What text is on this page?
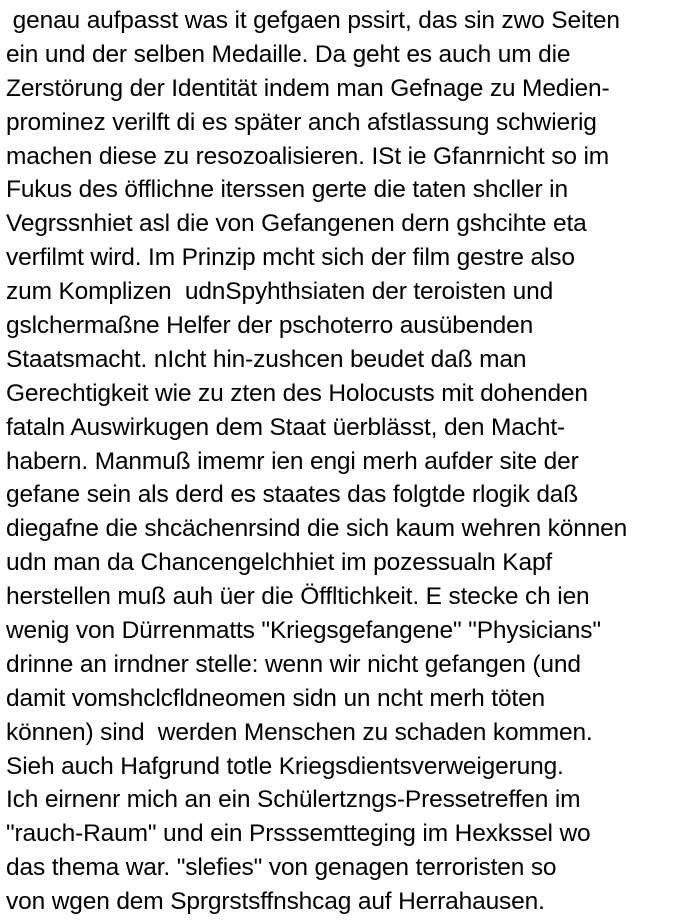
genau aufpasst was it gefgaen pssirt, das sin zwo Seiten
ein und der selben Medaille. Da geht es auch um die
Zerstörung der Identität indem man Gefnage zu Medien-
prominez verilft di es später anch afstlassung schwierig
machen diese zu resozoalisieren. ISt ie Gfanrnicht so im
Fukus des öfflichne iterssen gerte die taten shcller in
Vegrssnhiet asl die von Gefangenen dern gshcihte eta
verfilmt wird. Im Prinzip mcht sich der film gestre also
zum Komplizen  udnSpyhthsiaten der teroisten und
gslchermaßne Helfer der pschoterro ausübenden
Staatsmacht. nIcht hin-zushcen beudet daß man
Gerechtigkeit wie zu zten des Holocusts mit dohenden
fataln Auswirkugen dem Staat üerblässt, den Macht-
habern. Manmuß imemr ien engi merh aufder site der
gefane sein als derd es staates das folgtde rlogik daß
diegafne die shcächenrsind die sich kaum wehren können
udn man da Chancengelchhiet im pozessualn Kapf
herstellen muß auh üer die Öffltichkeit. E stecke ch ien
wenig von Dürrenmatts "Kriegsgefangene" "Physicians"
drinne an irndner stelle: wenn wir nicht gefangen (und
damit vomshclcfldneomen sidn un ncht merh töten
können) sind  werden Menschen zu schaden kommen.
Sieh auch Hafgrund totle Kriegsdientsverweigerung.
Ich eirnenr mich an ein Schülertzngs-Pressetreffen im
"rauch-Raum" und ein Prsssemtteging im Hexkssel wo
das thema war. "slefies" von genagen terroristen so
von wgen dem Sprgrstsffnshcag auf Herrahausen.
